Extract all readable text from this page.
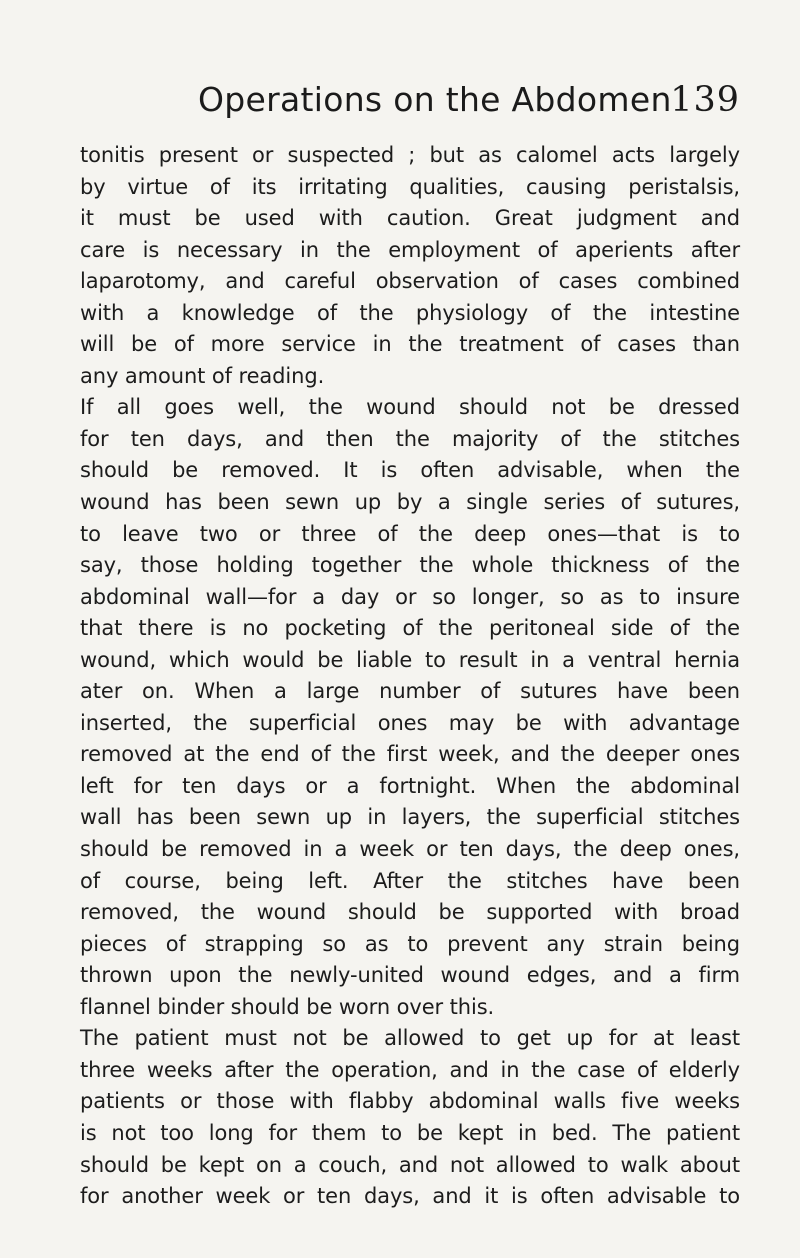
Operations on the Abdomen
139
tonitis present or suspected ; but as calomel acts largely
by virtue of its irritating qualities, causing peristalsis,
it must be used with caution. Great judgment and
care is necessary in the employment of aperients after
laparotomy, and careful observation of cases combined
with a knowledge of the physiology of the intestine
will be of more service in the treatment of cases than
any amount of reading.
If all goes well, the wound should not be dressed
for ten days, and then the majority of the stitches
should be removed. It is often advisable, when the
wound has been sewn up by a single series of sutures,
to leave two or three of the deep ones—that is to
say, those holding together the whole thickness of the
abdominal wall—for a day or so longer, so as to insure
that there is no pocketing of the peritoneal side of the
wound, which would be liable to result in a ventral hernia
ater on. When a large number of sutures have been
inserted, the superficial ones may be with advantage
removed at the end of the first week, and the deeper ones
left for ten days or a fortnight. When the abdominal
wall has been sewn up in layers, the superficial stitches
should be removed in a week or ten days, the deep ones,
of course, being left. After the stitches have been
removed, the wound should be supported with broad
pieces of strapping so as to prevent any strain being
thrown upon the newly-united wound edges, and a firm
flannel binder should be worn over this.
The patient must not be allowed to get up for at least
three weeks after the operation, and in the case of elderly
patients or those with flabby abdominal walls five weeks
is not too long for them to be kept in bed. The patient
should be kept on a couch, and not allowed to walk about
for another week or ten days, and it is often advisable to
